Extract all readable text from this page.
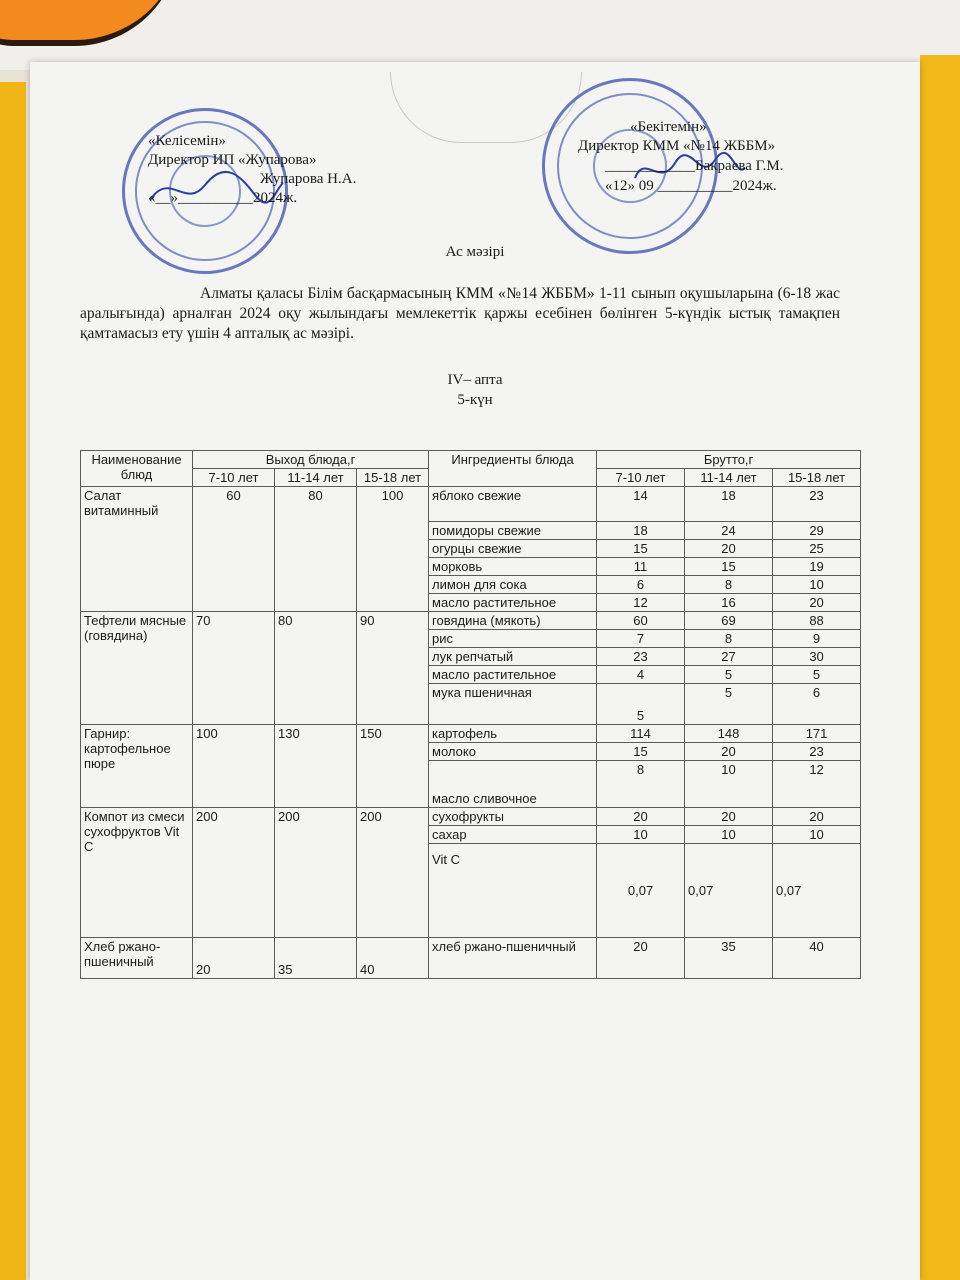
«Келісемін»
Директор ИП «Жупарова»
Жупарова Н.А.
«__»__________2024ж.
«Бекітемін»
Директор КММ «№14 ЖББМ»
____________Бакраева Г.М.
«12» 09 __________2024ж.
Ас мәзірі
Алматы қаласы Білім басқармасының КММ «№14 ЖББМ» 1-11 сынып оқушыларына (6-18 жас аралығында) арналған 2024 оқу жылындағы мемлекеттік қаржы есебінен бөлінген 5-күндік ыстық тамақпен қамтамасыз ету үшін 4 апталық ас мәзірі.
IV– апта
5-күн
Наименование блюд	Выход блюда,г			Ингредиенты блюда	Брутто,г		
	7-10 лет	11-14 лет	15-18 лет		7-10 лет	11-14 лет	15-18 лет
Салат витаминный	60	80	100	яблоко свежие	14	18	23
				помидоры свежие	18	24	29
				огурцы свежие	15	20	25
				морковь	11	15	19
				лимон для сока	6	8	10
				масло растительное	12	16	20
Тефтели мясные (говядина)	70	80	90	говядина (мякоть)	60	69	88
				рис	7	8	9
				лук репчатый	23	27	30
				масло растительное	4	5	5
				мука пшеничная	5	5	6
Гарнир: картофельное пюре	100	130	150	картофель	114	148	171
				молоко	15	20	23
				масло сливочное	8	10	12
Компот из смеси сухофруктов Vit C	200	200	200	сухофрукты	20	20	20
				сахар	10	10	10
				Vit C	0,07	0,07	0,07
Хлеб ржано-пшеничный	20	35	40	хлеб ржано-пшеничный	20	35	40
